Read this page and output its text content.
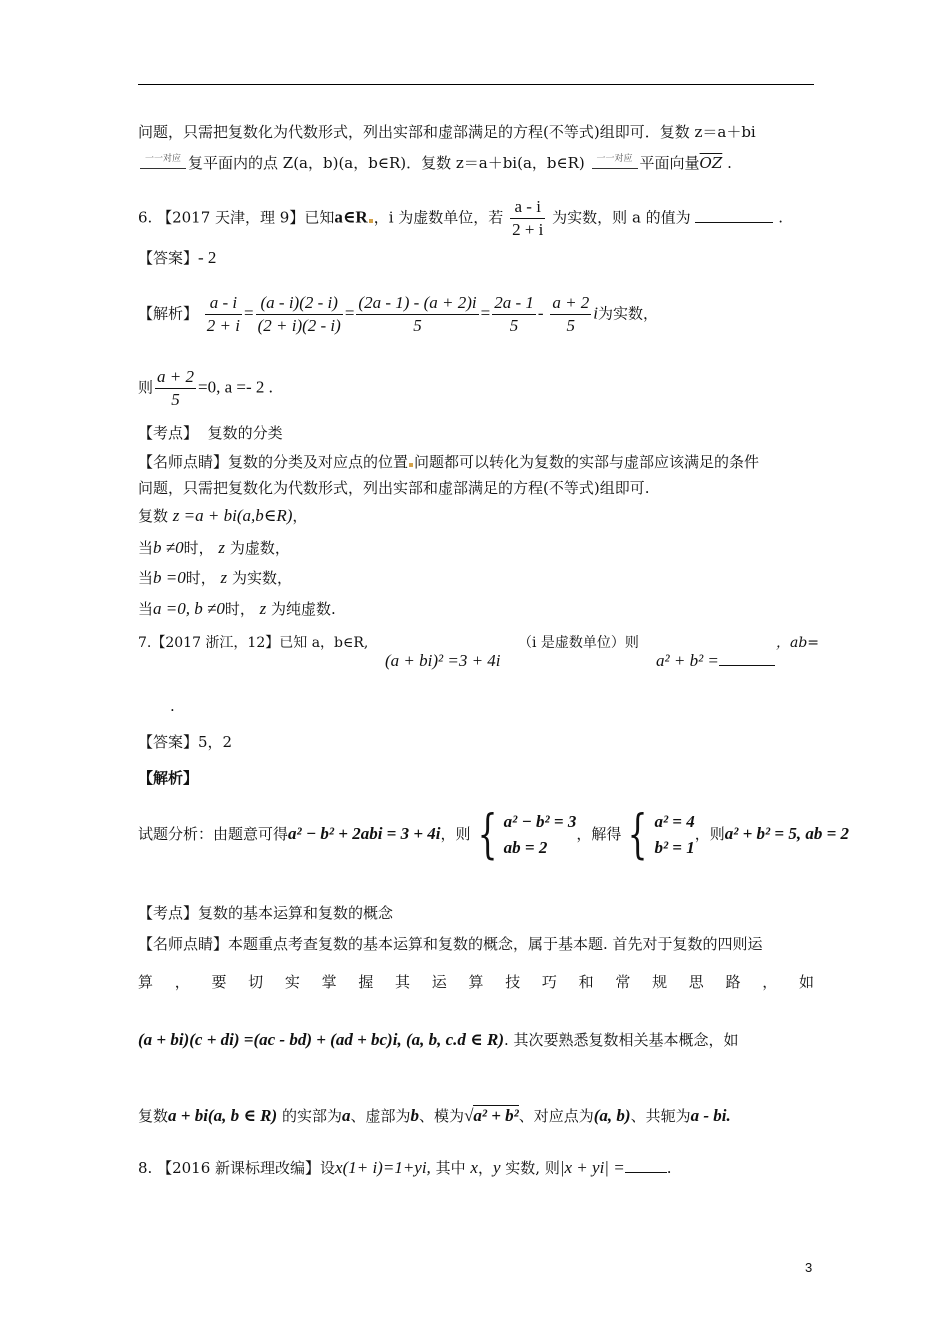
问题，只需把复数化为代数形式，列出实部和虚部满足的方程(不等式)组即可．复数 z＝a＋bi
一一对应 复平面内的点 Z(a，b)(a，b∈R)．复数 z＝a＋bi(a，b∈R) 一一对应 平面向量$\overline{OZ}$ .
6. 【2017 天津，理 9】已知a∈R ，i 为虚数单位，若 $\frac{a - i}{2 + i}$ 为实数，则 a 的值为	.
【答案】- 2
【解析】 $\frac{a - i}{2 + i} = \frac{(a - i)(2 - i)}{(2 + i)(2 - i)} = \frac{(2a - 1) - (a + 2)i}{5} = \frac{2a - 1}{5} - \frac{a + 2}{5}$ i为实数，
则 $\frac{a + 2}{5} =0$, a =- 2 .
【考点】 复数的分类
【名师点睛】复数的分类及对应点的位置 问题都可以转化为复数的实部与虚部应该满足的条件
问题，只需把复数化为代数形式，列出实部和虚部满足的方程(不等式)组即可.
复数 z =a + bi(a,b∈R)，
当b ≠0时， z 为虚数，
当b =0时， z 为实数，
当a =0, b ≠0时， z 为纯虚数.
7.【2017 浙江，12】已知 a，b∈R,
(a + bi)² =3 + 4i
（i 是虚数单位）则
a² + b² =
，ab=
.
【答案】5，2
【解析】
试题分析：由题意可得a² − b² + 2abi = 3 + 4i，则 { a² − b² = 3
ab = 2
，解得 { a² = 4
b² = 1
，则a² + b² = 5, ab = 2
【考点】复数的基本运算和复数的概念
【名师点睛】本题重点考查复数的基本运算和复数的概念，属于基本题. 首先对于复数的四则运
算 ， 要 切 实 掌 握 其 运 算 技 巧 和 常 规 思 路 ， 如
(a + bi)(c + di) =(ac - bd) + (ad + bc)i, (a, b, c.d ∈ R). 其次要熟悉复数相关基本概念，如
复数a + bi(a, b ∈ R) 的实部为a、虚部为b、模为√a² + b²、对应点为(a, b)、共轭为a - bi.
8. 【2016 新课标理改编】设x(1+ i)=1+yi, 其中 x，y 实数, 则|x + yi| =	.
3
